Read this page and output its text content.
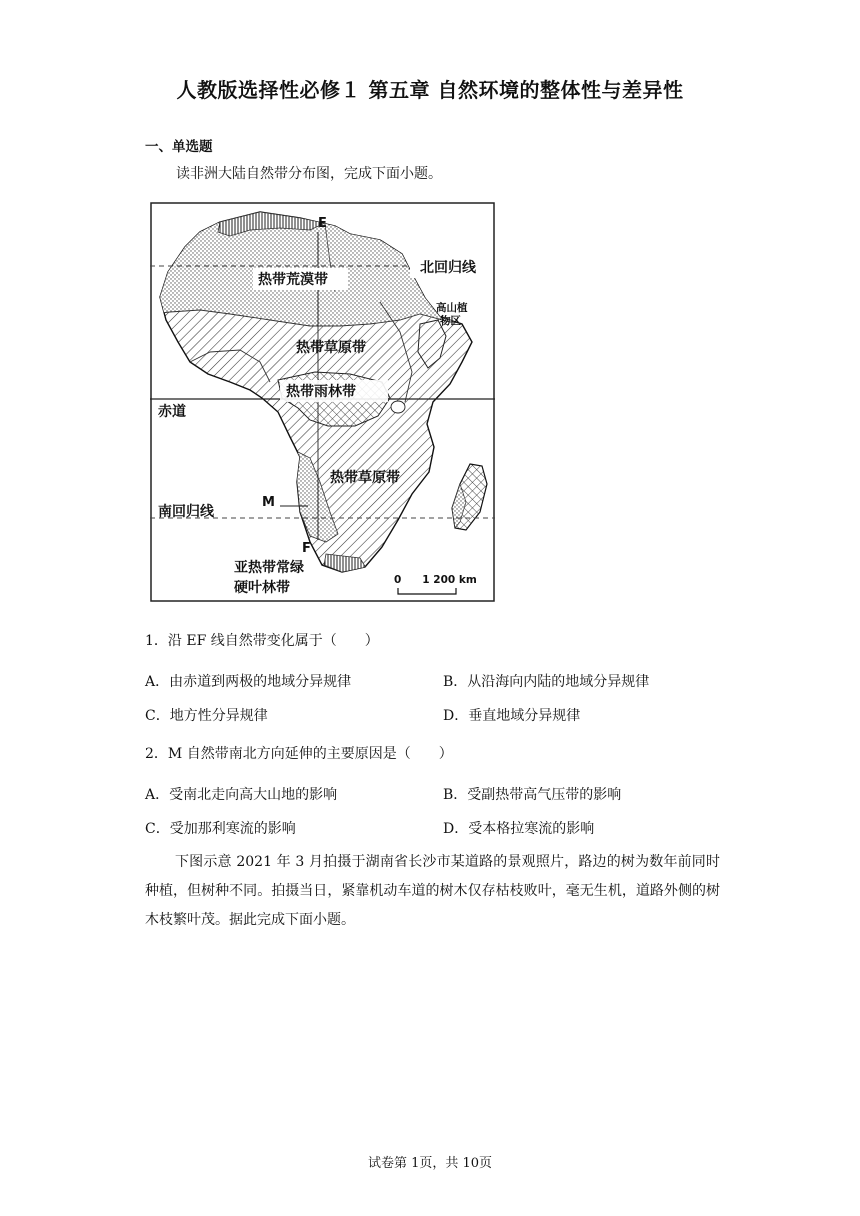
人教版选择性必修１ 第五章 自然环境的整体性与差异性
一、单选题
读非洲大陆自然带分布图，完成下面小题。
E
北回归线
热带荒漠带
高山植
物区
热带草原带
热带雨林带
赤道
热带草原带
M
南回归线
F
亚热带常绿
硬叶林带	0　　1 200 km
1．沿 EF 线自然带变化属于（　　）
A．由赤道到两极的地域分异规律	B．从沿海向内陆的地域分异规律
C．地方性分异规律	D．垂直地域分异规律
2．M 自然带南北方向延伸的主要原因是（　　）
A．受南北走向高大山地的影响	B．受副热带高气压带的影响
C．受加那利寒流的影响	D．受本格拉寒流的影响
下图示意 2021 年 3 月拍摄于湖南省长沙市某道路的景观照片，路边的树为数年前同时种植，但树种不同。拍摄当日，紧靠机动车道的树木仅存枯枝败叶，毫无生机，道路外侧的树木枝繁叶茂。据此完成下面小题。
试卷第 1页，共 10页
